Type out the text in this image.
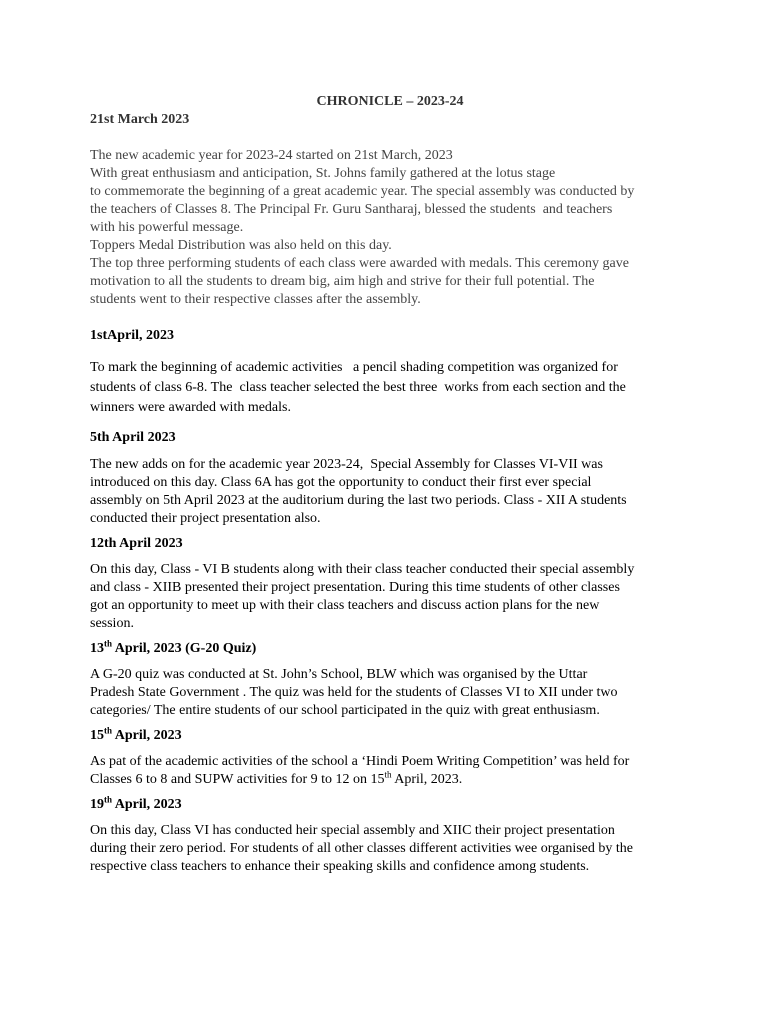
CHRONICLE – 2023-24

21st March 2023

The new academic year for 2023-24 started on 21st March, 2023

With great enthusiasm and anticipation, St. Johns family gathered at the lotus stage

to commemorate the beginning of a great academic year. The special assembly was conducted by

the teachers of Classes 8. The Principal Fr. Guru Santharaj, blessed the students  and teachers

with his powerful message.

Toppers Medal Distribution was also held on this day.

The top three performing students of each class were awarded with medals. This ceremony gave

motivation to all the students to dream big, aim high and strive for their full potential. The

students went to their respective classes after the assembly.

1stApril, 2023

To mark the beginning of academic activities   a pencil shading competition was organized for

students of class 6-8. The  class teacher selected the best three  works from each section and the

winners were awarded with medals.

5th April 2023

The new adds on for the academic year 2023-24,  Special Assembly for Classes VI-VII was

introduced on this day. Class 6A has got the opportunity to conduct their first ever special

assembly on 5th April 2023 at the auditorium during the last two periods. Class - XII A students

conducted their project presentation also.

12th April 2023

On this day, Class - VI B students along with their class teacher conducted their special assembly

and class - XIIB presented their project presentation. During this time students of other classes

got an opportunity to meet up with their class teachers and discuss action plans for the new

session.

13th April, 2023 (G-20 Quiz)

A G-20 quiz was conducted at St. John’s School, BLW which was organised by the Uttar

Pradesh State Government . The quiz was held for the students of Classes VI to XII under two

categories/ The entire students of our school participated in the quiz with great enthusiasm.

15th April, 2023

As pat of the academic activities of the school a ‘Hindi Poem Writing Competition’ was held for

Classes 6 to 8 and SUPW activities for 9 to 12 on 15th April, 2023.

19th April, 2023

On this day, Class VI has conducted heir special assembly and XIIC their project presentation

during their zero period. For students of all other classes different activities wee organised by the

respective class teachers to enhance their speaking skills and confidence among students.
